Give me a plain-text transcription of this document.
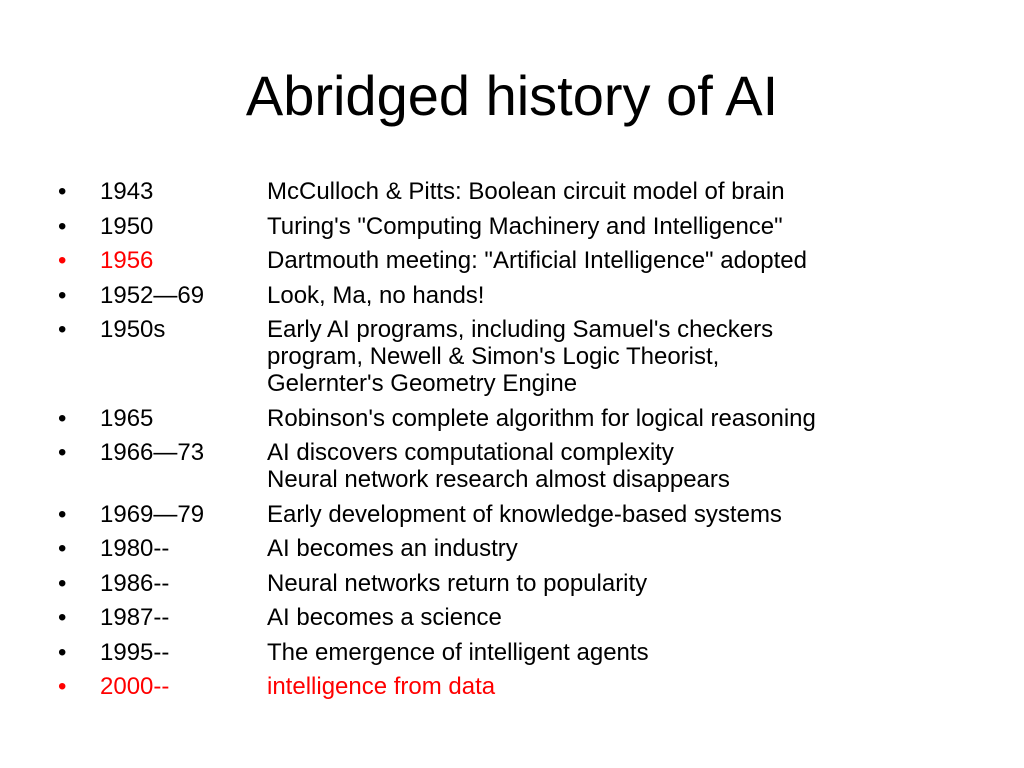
Abridged history of AI
•	1943	McCulloch & Pitts: Boolean circuit model of brain
•	1950	Turing's "Computing Machinery and Intelligence"
•	1956	Dartmouth meeting: "Artificial Intelligence" adopted
•	1952—69	Look, Ma, no hands!
•	1950s	Early AI programs, including Samuel's checkers
program, Newell & Simon's Logic Theorist,
Gelernter's Geometry Engine
•	1965	Robinson's complete algorithm for logical reasoning
•	1966—73	AI discovers computational complexity
Neural network research almost disappears
•	1969—79	Early development of knowledge-based systems
•	1980--	AI becomes an industry
•	1986--	Neural networks return to popularity
•	1987--	AI becomes a science
•	1995--	The emergence of intelligent agents
•	2000--	intelligence from data
